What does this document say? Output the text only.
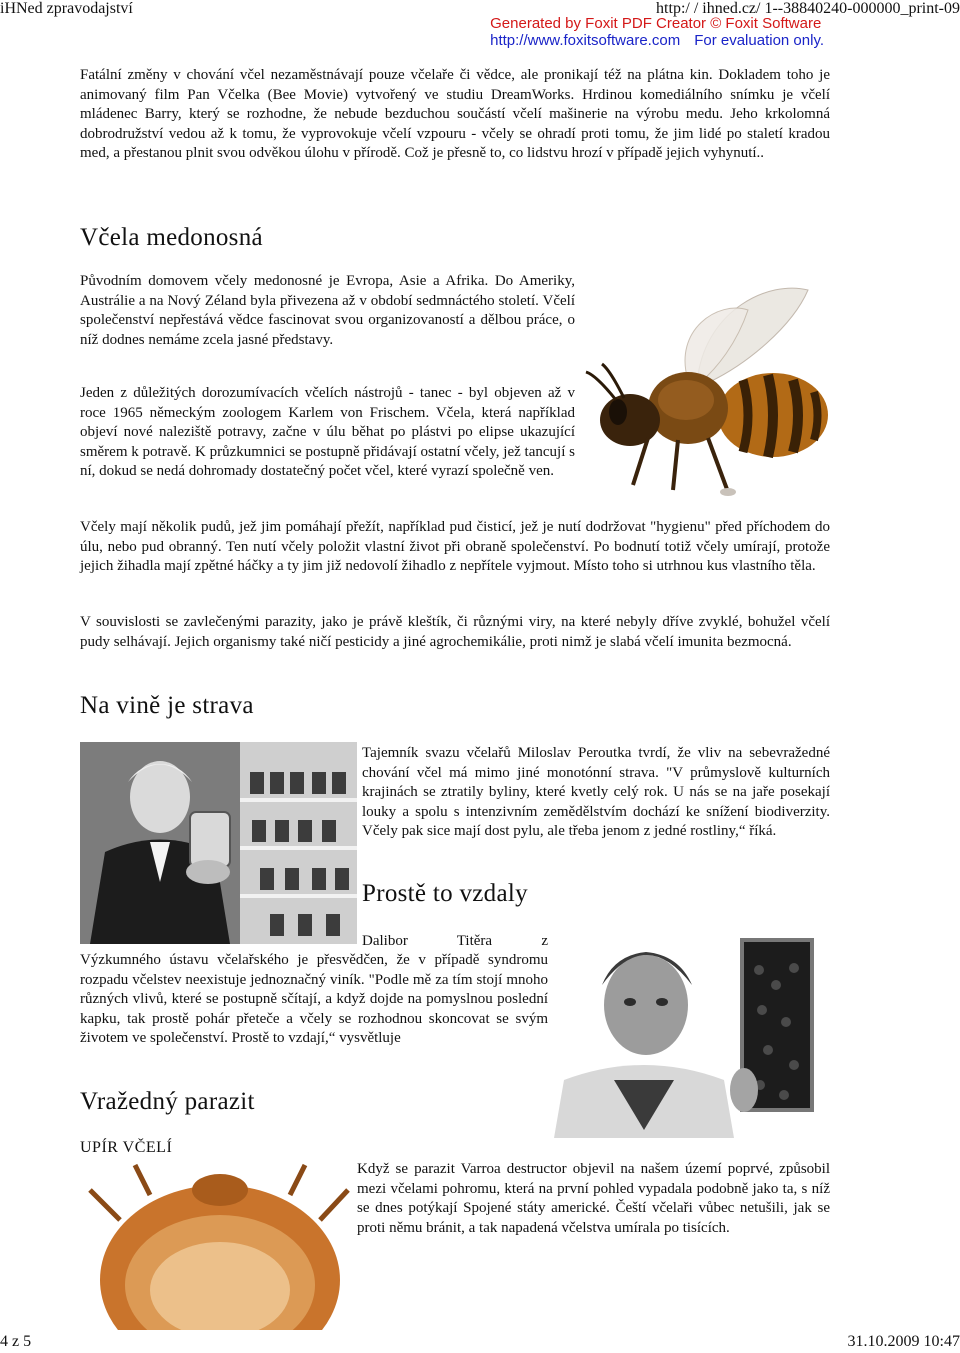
iHNed zpravodajství	http:/ / ihned.cz/ 1--38840240-000000_print-09
Generated by Foxit PDF Creator © Foxit Software
http://www.foxitsoftware.com For evaluation only.
Fatální změny v chování včel nezaměstnávají pouze včelaře či vědce, ale pronikají též na plátna kin. Dokladem toho je animovaný film Pan Včelka (Bee Movie) vytvořený ve studiu DreamWorks. Hrdinou komediálního snímku je včelí mládenec Barry, který se rozhodne, že nebude bezduchou součástí včelí mašinerie na výrobu medu. Jeho krkolomná dobrodružství vedou až k tomu, že vyprovokuje včelí vzpouru - včely se ohradí proti tomu, že jim lidé po staletí kradou med, a přestanou plnit svou odvěkou úlohu v přírodě. Což je přesně to, co lidstvu hrozí v případě jejich vyhynutí..
Včela medonosná
Původním domovem včely medonosné je Evropa, Asie a Afrika. Do Ameriky, Austrálie a na Nový Zéland byla přivezena až v období sedmnáctého století. Včelí společenství nepřestává vědce fascinovat svou organizovaností a dělbou práce, o níž dodnes nemáme zcela jasné představy.
Jeden z důležitých dorozumívacích včelích nástrojů - tanec - byl objeven až v roce 1965 německým zoologem Karlem von Frischem. Včela, která například objeví nové naleziště potravy, začne v úlu běhat po plástvi po elipse ukazující směrem k potravě. K průzkumnici se postupně přidávají ostatní včely, jež tancují s ní, dokud se nedá dohromady dostatečný počet včel, které vyrazí společně ven.
Včely mají několik pudů, jež jim pomáhají přežít, například pud čisticí, jež je nutí dodržovat "hygienu" před příchodem do úlu, nebo pud obranný. Ten nutí včely položit vlastní život při obraně společenství. Po bodnutí totiž včely umírají, protože jejich žihadla mají zpětné háčky a ty jim již nedovolí žihadlo z nepřítele vyjmout. Místo toho si utrhnou kus vlastního těla.
V souvislosti se zavlečenými parazity, jako je právě kleštík, či různými viry, na které nebyly dříve zvyklé, bohužel včelí pudy selhávají. Jejich organismy také ničí pesticidy a jiné agrochemikálie, proti nimž je slabá včelí imunita bezmocná.
Na vině je strava
Tajemník svazu včelařů Miloslav Peroutka tvrdí, že vliv na sebevražedné chování včel má mimo jiné monotónní strava. "V průmyslově kulturních krajinách se ztratily byliny, které kvetly celý rok. U nás se na jaře posekají louky a spolu s intenzivním zemědělstvím dochází ke snížení biodiverzity. Včely pak sice mají dost pylu, ale třeba jenom z jedné rostliny,“ říká.
Prostě to vzdaly
Dalibor Titěra z
Výzkumného ústavu včelařského je přesvědčen, že v případě syndromu rozpadu včelstev neexistuje jednoznačný viník. "Podle mě za tím stojí mnoho různých vlivů, které se postupně sčítají, a když dojde na pomyslnou poslední kapku, tak prostě pohár přeteče a včely se rozhodnou skoncovat se svým životem ve společenství. Prostě to vzdají,“ vysvětluje
Vražedný parazit
UPÍR VČELÍ
Když se parazit Varroa destructor objevil na našem území poprvé, způsobil mezi včelami pohromu, která na první pohled vypadala podobně jako ta, s níž se dnes potýkají Spojené státy americké. Čeští včelaři vůbec netušili, jak se proti němu bránit, a tak napadená včelstva umírala po tisících.
4 z 5	31.10.2009 10:47
